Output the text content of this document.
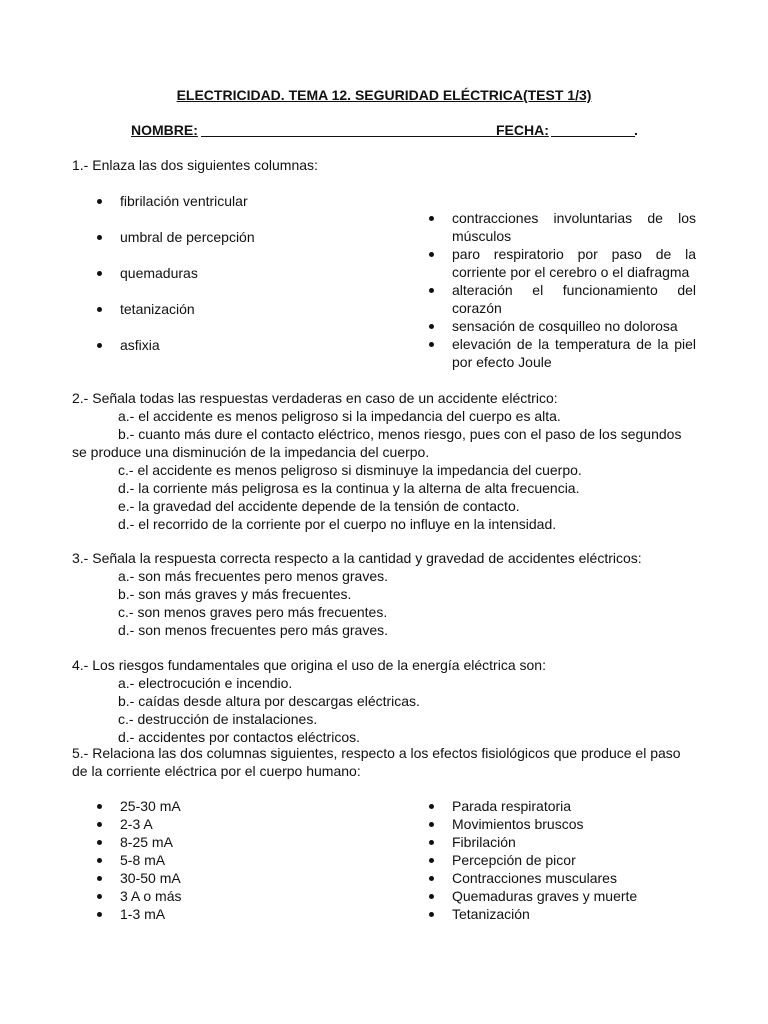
ELECTRICIDAD. TEMA 12. SEGURIDAD ELÉCTRICA(TEST 1/3)
NOMBRE:	FECHA:	.

1.- Enlaza las dos siguientes columnas:

fibrilación ventricular
umbral de percepción
quemaduras
tetanización
asfixia
contracciones involuntarias de los músculos
paro respiratorio por paso de la corriente por el cerebro o el diafragma
alteración el funcionamiento del corazón
sensación de cosquilleo no dolorosa
elevación de la temperatura de la piel por efecto Joule

2.- Señala todas las respuestas verdaderas en caso de un accidente eléctrico:

a.- el accidente es menos peligroso si la impedancia del cuerpo es alta.
b.- cuanto más dure el contacto eléctrico, menos riesgo, pues con el paso de los segundos
se produce una disminución de la impedancia del cuerpo.
c.- el accidente es menos peligroso si disminuye la impedancia del cuerpo.
d.- la corriente más peligrosa es la continua y la alterna de alta frecuencia.
e.- la gravedad del accidente depende de la tensión de contacto.
d.- el recorrido de la corriente por el cuerpo no influye en la intensidad.

3.- Señala la respuesta correcta respecto a la cantidad y gravedad de accidentes eléctricos:

a.- son más frecuentes pero menos graves.
b.- son más graves y más frecuentes.
c.- son menos graves pero más frecuentes.
d.- son menos frecuentes pero más graves.

4.- Los riesgos fundamentales que origina el uso de la energía eléctrica son:

a.- electrocución e incendio.
b.- caídas desde altura por descargas eléctricas.
c.- destrucción de instalaciones.
d.- accidentes por contactos eléctricos.

5.- Relaciona las dos columnas siguientes, respecto a los efectos fisiológicos que produce el paso

de la corriente eléctrica por el cuerpo humano:

25-30 mA
2-3 A
8-25 mA
5-8 mA
30-50 mA
3 A o más
1-3 mA
Parada respiratoria
Movimientos bruscos
Fibrilación
Percepción de picor
Contracciones musculares
Quemaduras graves y muerte
Tetanización
